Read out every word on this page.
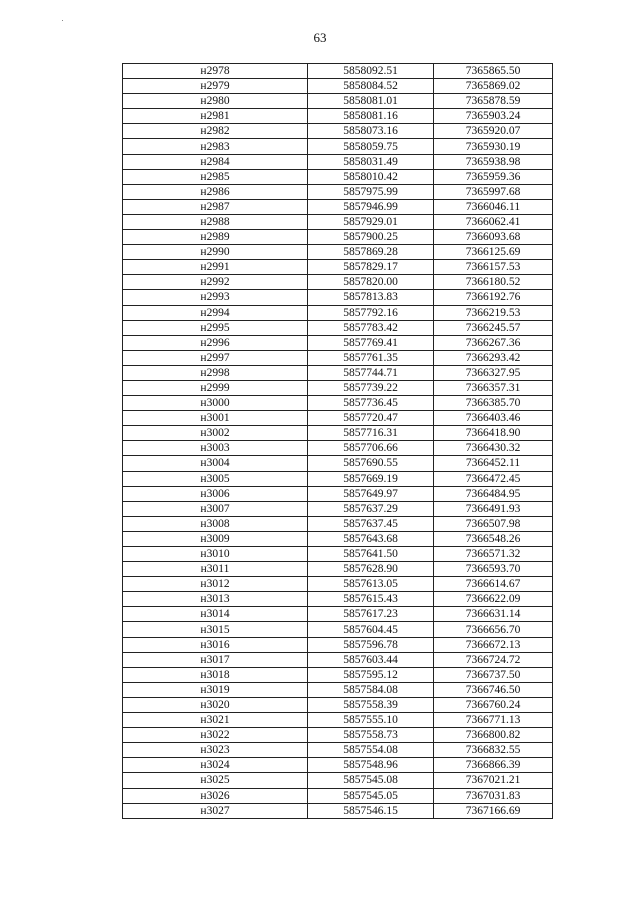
63
н2978	5858092.51	7365865.50
н2979	5858084.52	7365869.02
н2980	5858081.01	7365878.59
н2981	5858081.16	7365903.24
н2982	5858073.16	7365920.07
н2983	5858059.75	7365930.19
н2984	5858031.49	7365938.98
н2985	5858010.42	7365959.36
н2986	5857975.99	7365997.68
н2987	5857946.99	7366046.11
н2988	5857929.01	7366062.41
н2989	5857900.25	7366093.68
н2990	5857869.28	7366125.69
н2991	5857829.17	7366157.53
н2992	5857820.00	7366180.52
н2993	5857813.83	7366192.76
н2994	5857792.16	7366219.53
н2995	5857783.42	7366245.57
н2996	5857769.41	7366267.36
н2997	5857761.35	7366293.42
н2998	5857744.71	7366327.95
н2999	5857739.22	7366357.31
н3000	5857736.45	7366385.70
н3001	5857720.47	7366403.46
н3002	5857716.31	7366418.90
н3003	5857706.66	7366430.32
н3004	5857690.55	7366452.11
н3005	5857669.19	7366472.45
н3006	5857649.97	7366484.95
н3007	5857637.29	7366491.93
н3008	5857637.45	7366507.98
н3009	5857643.68	7366548.26
н3010	5857641.50	7366571.32
н3011	5857628.90	7366593.70
н3012	5857613.05	7366614.67
н3013	5857615.43	7366622.09
н3014	5857617.23	7366631.14
н3015	5857604.45	7366656.70
н3016	5857596.78	7366672.13
н3017	5857603.44	7366724.72
н3018	5857595.12	7366737.50
н3019	5857584.08	7366746.50
н3020	5857558.39	7366760.24
н3021	5857555.10	7366771.13
н3022	5857558.73	7366800.82
н3023	5857554.08	7366832.55
н3024	5857548.96	7366866.39
н3025	5857545.08	7367021.21
н3026	5857545.05	7367031.83
н3027	5857546.15	7367166.69
